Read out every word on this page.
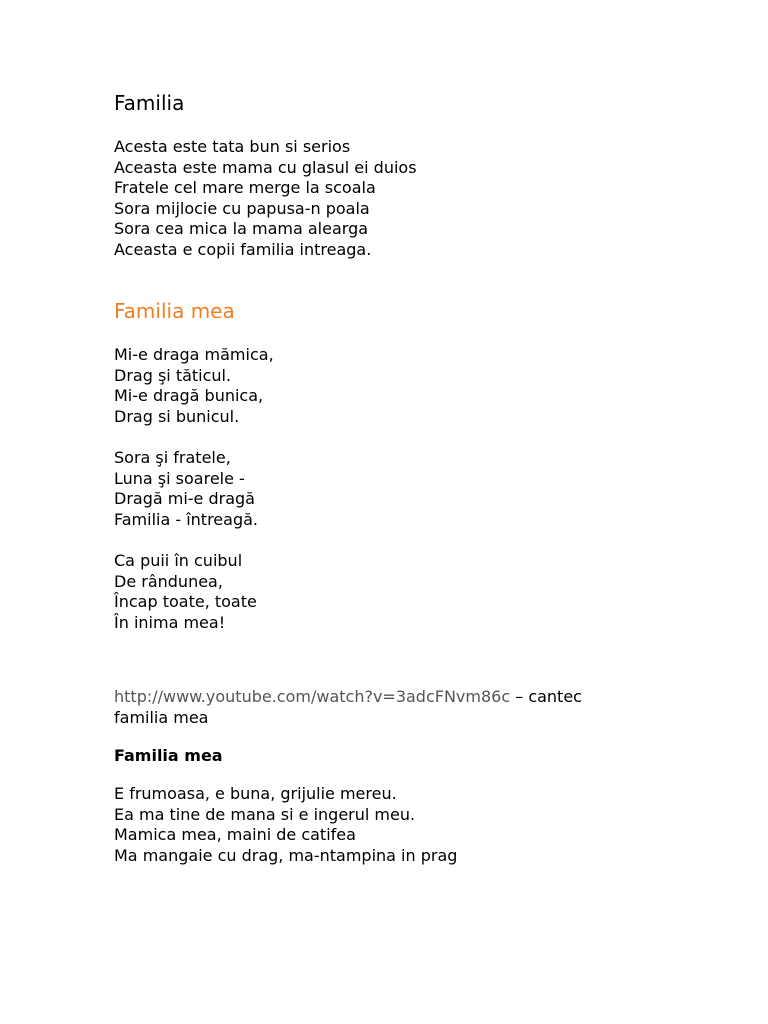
Familia
Acesta este tata bun si serios
Aceasta este mama cu glasul ei duios
Fratele cel mare merge la scoala
Sora mijlocie cu papusa-n poala
Sora cea mica la mama alearga
Aceasta e copii familia intreaga.
Familia mea
Mi-e draga mămica,
Drag şi tăticul.
Mi-e dragă bunica,
Drag si bunicul.
Sora şi fratele,
Luna şi soarele -
Dragă mi-e dragă
Familia - întreagă.
Ca puii în cuibul
De rândunea,
Încap toate, toate
În inima mea!
http://www.youtube.com/watch?v=3adcFNvm86c – cantec
familia mea
Familia mea
E frumoasa, e buna, grijulie mereu.
Ea ma tine de mana si e ingerul meu.
Mamica mea, maini de catifea
Ma mangaie cu drag, ma-ntampina in prag
